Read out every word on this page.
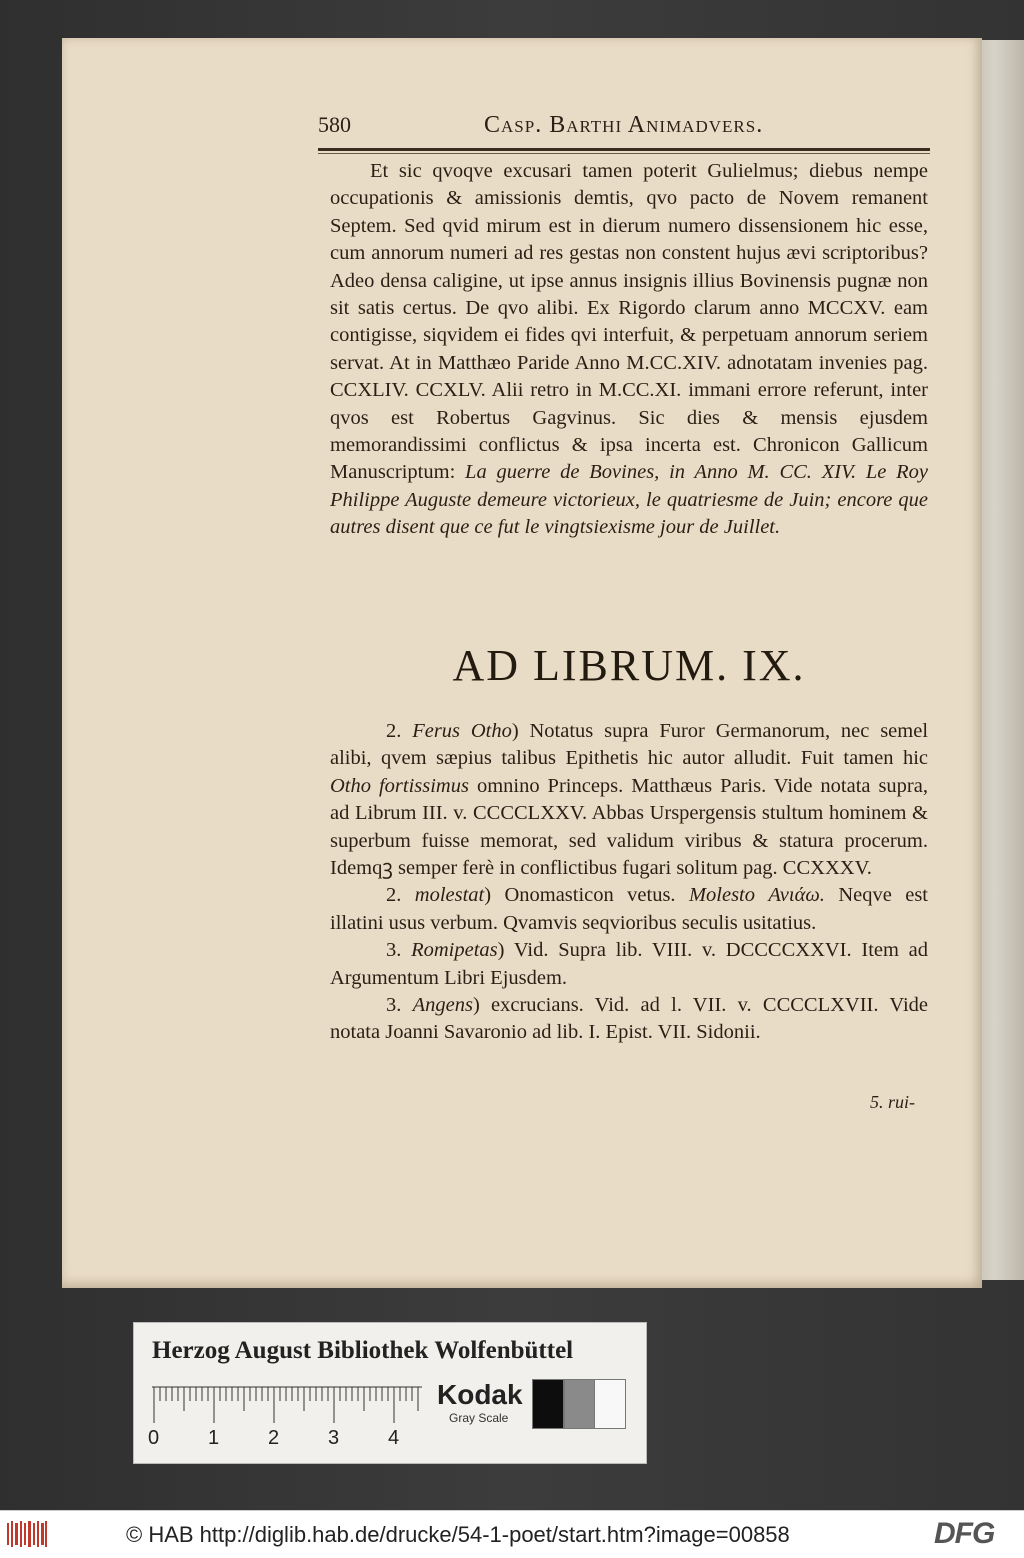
580	Casp. Barthi Animadvers.

Et sic qvoqve excusari tamen poterit Gulielmus; diebus nempe occupationis & amissionis demtis, qvo pacto de Novem remanent Septem. Sed qvid mirum est in dierum numero dissensionem hic esse, cum annorum numeri ad res gestas non constent hujus ævi scriptoribus? Adeo densa caligine, ut ipse annus insignis illius Bovinensis pugnæ non sit satis certus. De qvo alibi. Ex Rigordo clarum anno MCCXV. eam contigisse, siqvidem ei fides qvi interfuit, & perpetuam annorum seriem servat. At in Matthæo Paride Anno M.CC.XIV. adnotatam invenies pag. CCXLIV. CCXLV. Alii retro in M.CC.XI. immani errore referunt, inter qvos est Robertus Gagvinus. Sic dies & mensis ejusdem memorandissimi conflictus & ipsa incerta est. Chronicon Gallicum Manuscriptum: La guerre de Bovines, in Anno M. CC. XIV. Le Roy Philippe Auguste demeure victorieux, le quatriesme de Juin; encore que autres disent que ce fut le vingtsiexisme jour de Juillet.

AD LIBRUM. IX.

2. Ferus Otho) Notatus supra Furor Germanorum, nec semel alibi, qvem sæpius talibus Epithetis hic autor alludit. Fuit tamen hic Otho fortissimus omnino Princeps. Matthæus Paris. Vide notata supra, ad Librum III. v. CCCCLXXV. Abbas Urspergensis stultum hominem & superbum fuisse memorat, sed validum viribus & statura procerum. Idemqꝫ semper ferè in conflictibus fugari solitum pag. CCXXXV.

2. molestat) Onomasticon vetus. Molesto Ανιάω. Neqve est illatini usus verbum. Qvamvis seqvioribus seculis usitatius.

3. Romipetas) Vid. Supra lib. VIII. v. DCCCCXXVI. Item ad Argumentum Libri Ejusdem.

3. Angens) excrucians. Vid. ad l. VII. v. CCCCLXVII. Vide notata Joanni Savaronio ad lib. I. Epist. VII. Sidonii.

5. rui-
Herzog August Bibliothek Wolfenbüttel
0 1 2 3 4
Kodak
Gray Scale
© HAB http://diglib.hab.de/drucke/54-1-poet/start.htm?image=00858	DFG
